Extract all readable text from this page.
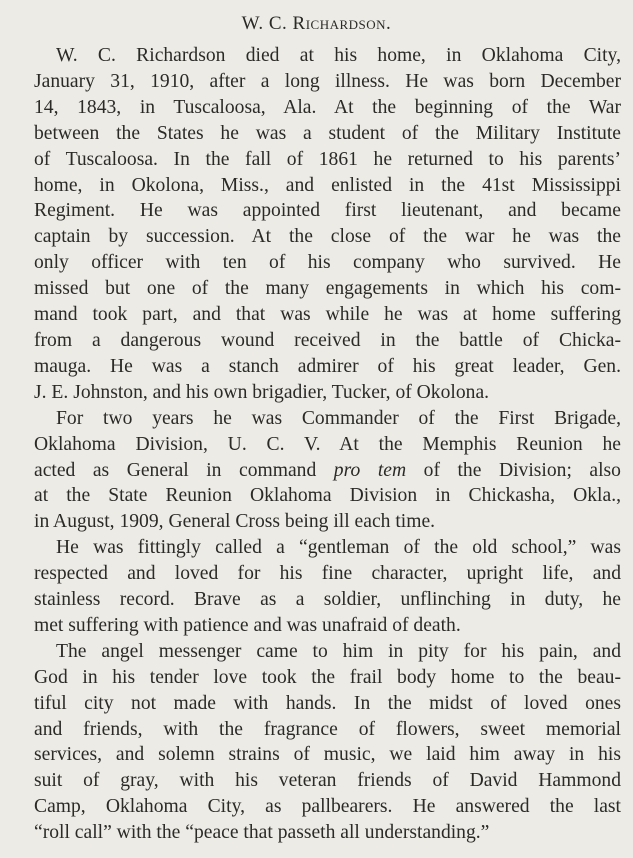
W. C. Richardson.
W. C. Richardson died at his home, in Oklahoma City,
January 31, 1910, after a long illness. He was born December
14, 1843, in Tuscaloosa, Ala. At the beginning of the War
between the States he was a student of the Military Institute
of Tuscaloosa. In the fall of 1861 he returned to his parents’
home, in Okolona, Miss., and enlisted in the 41st Mississippi
Regiment. He was appointed first lieutenant, and became
captain by succession. At the close of the war he was the
only officer with ten of his company who survived. He
missed but one of the many engagements in which his com-
mand took part, and that was while he was at home suffering
from a dangerous wound received in the battle of Chicka-
mauga. He was a stanch admirer of his great leader, Gen.
J. E. Johnston, and his own brigadier, Tucker, of Okolona.
For two years he was Commander of the First Brigade,
Oklahoma Division, U. C. V. At the Memphis Reunion he
acted as General in command pro tem of the Division; also
at the State Reunion Oklahoma Division in Chickasha, Okla.,
in August, 1909, General Cross being ill each time.
He was fittingly called a “gentleman of the old school,” was
respected and loved for his fine character, upright life, and
stainless record. Brave as a soldier, unflinching in duty, he
met suffering with patience and was unafraid of death.
The angel messenger came to him in pity for his pain, and
God in his tender love took the frail body home to the beau-
tiful city not made with hands. In the midst of loved ones
and friends, with the fragrance of flowers, sweet memorial
services, and solemn strains of music, we laid him away in his
suit of gray, with his veteran friends of David Hammond
Camp, Oklahoma City, as pallbearers. He answered the last
“roll call” with the “peace that passeth all understanding.”
